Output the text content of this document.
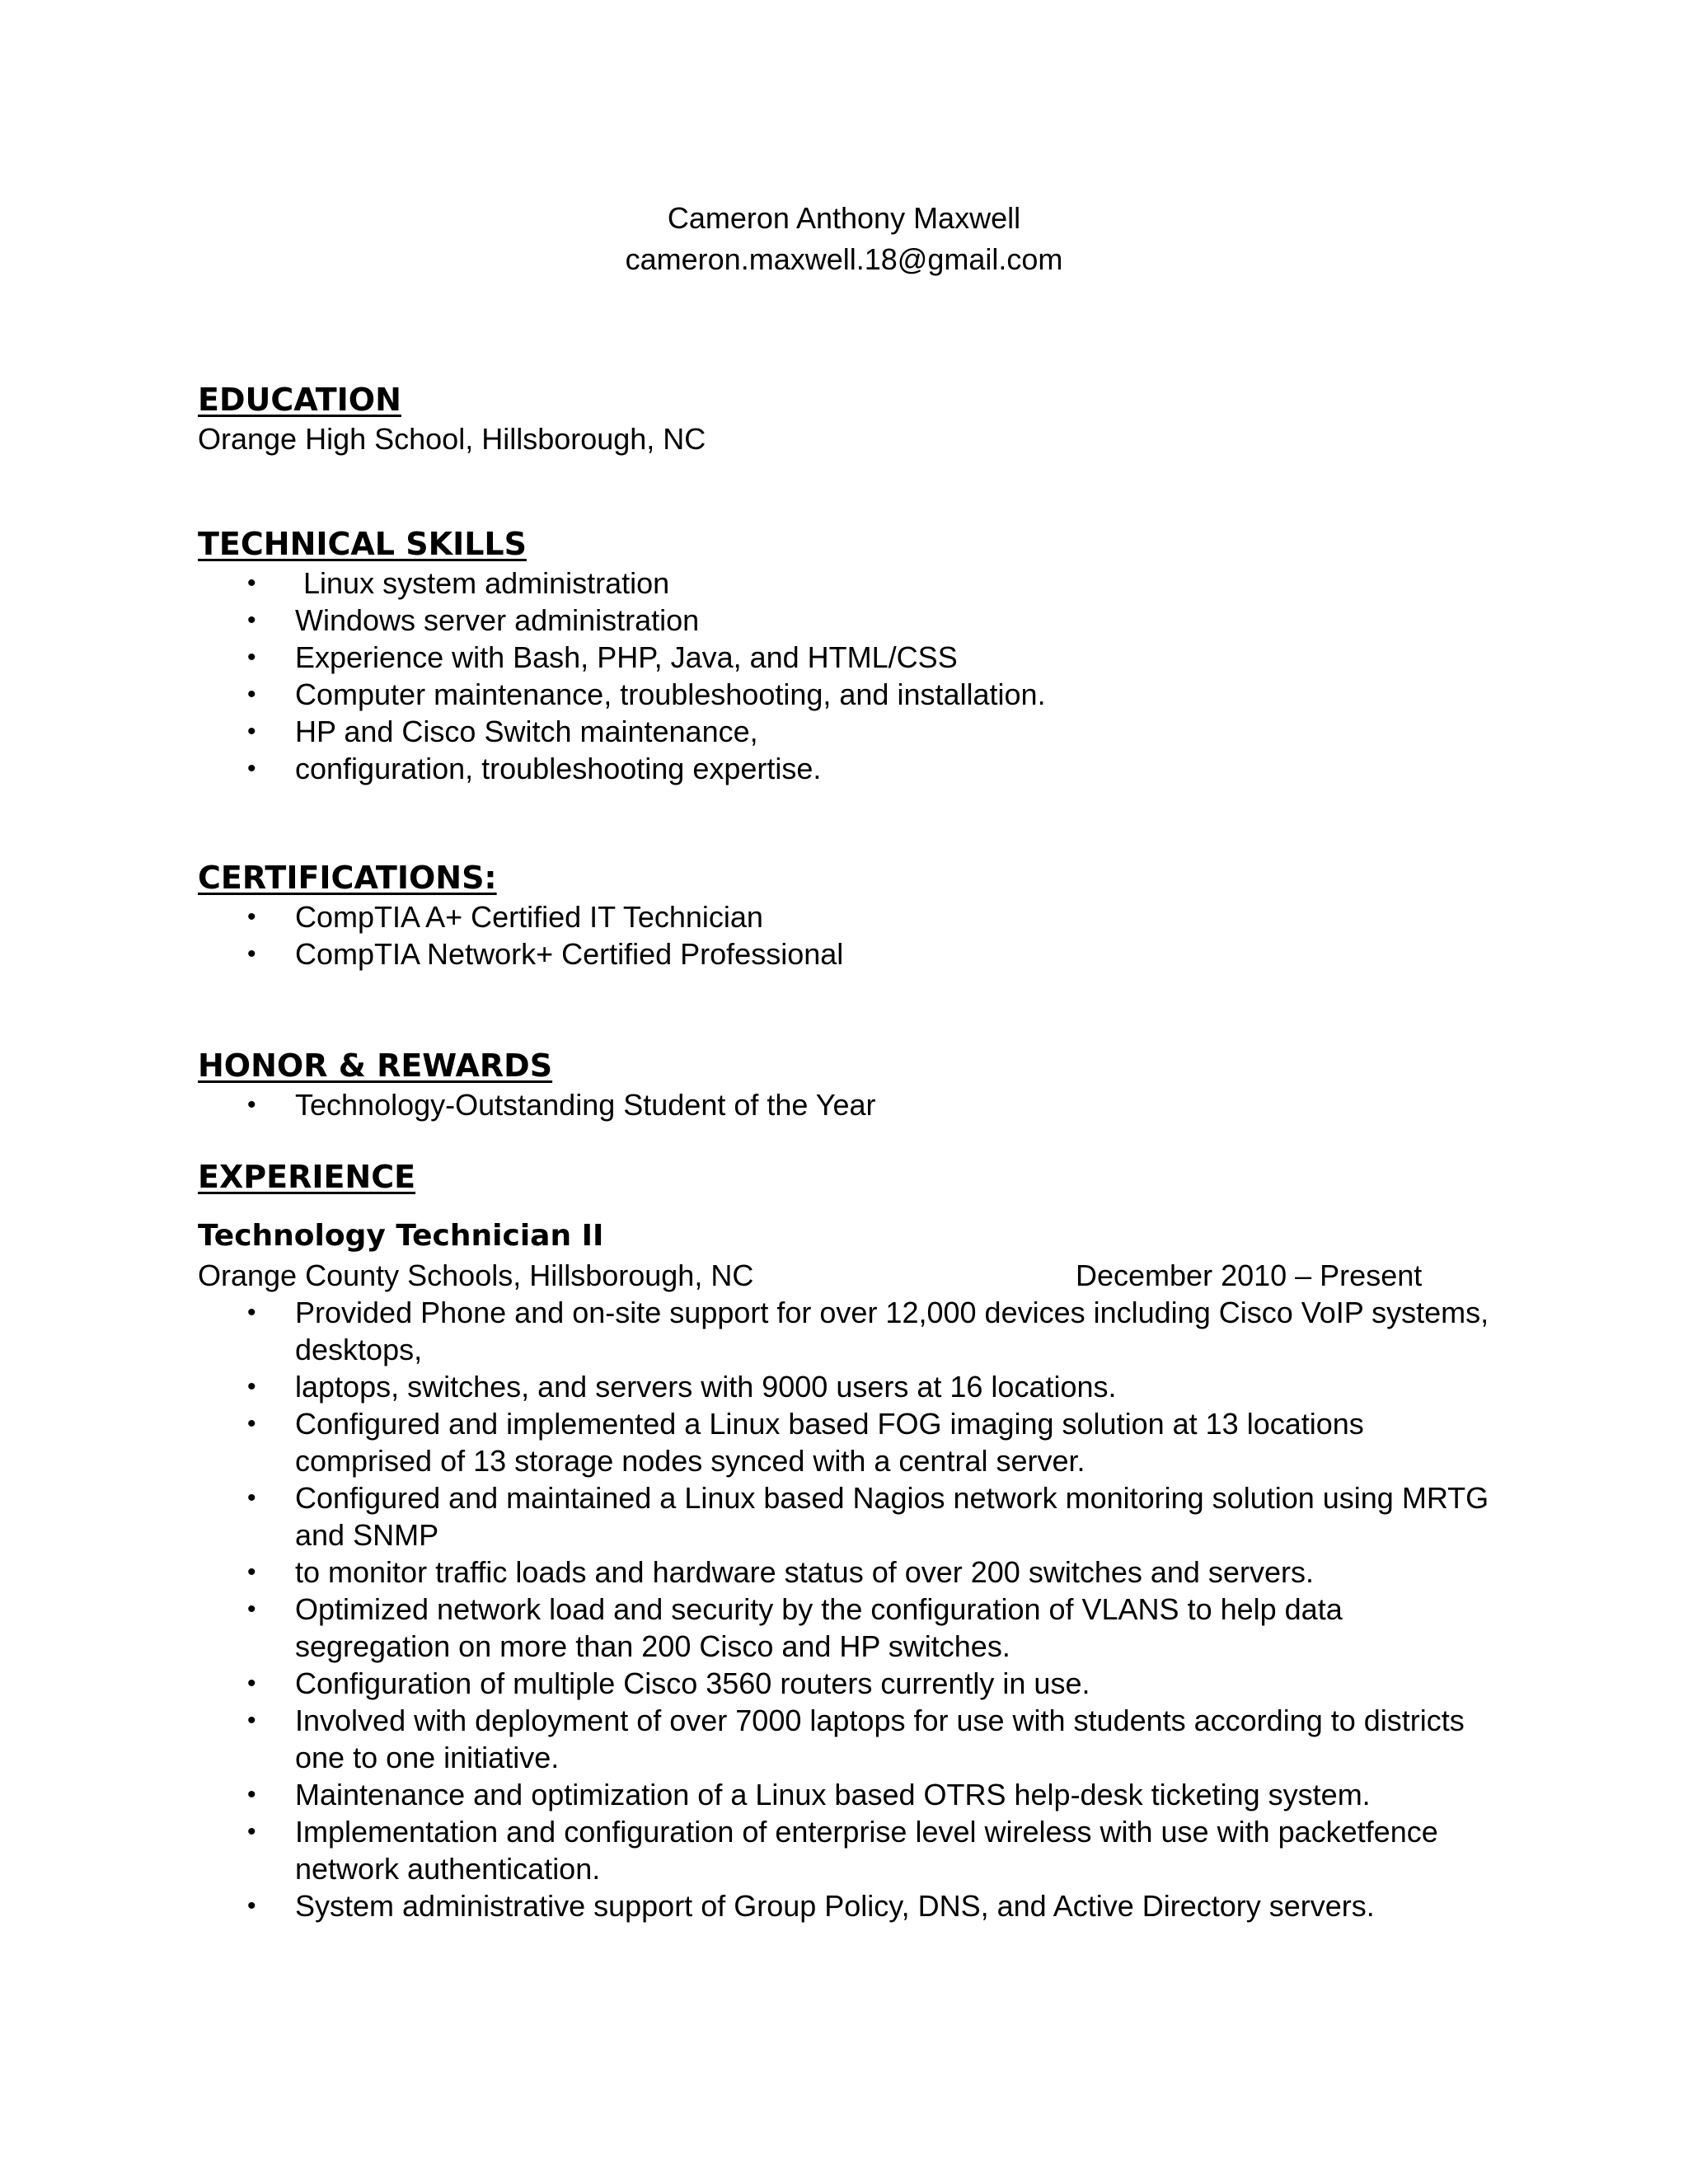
Cameron Anthony Maxwell
cameron.maxwell.18@gmail.com
EDUCATION

Orange High School, Hillsborough, NC

TECHNICAL SKILLS
• Linux system administration
• Windows server administration
• Experience with Bash, PHP, Java, and HTML/CSS
• Computer maintenance, troubleshooting, and installation.
• HP and Cisco Switch maintenance,
• configuration, troubleshooting expertise.
CERTIFICATIONS:
• CompTIA A+ Certified IT Technician
• CompTIA Network+ Certified Professional
HONOR & REWARDS
• Technology-Outstanding Student of the Year
EXPERIENCE
Technology Technician II
Orange County Schools, Hillsborough, NC	December 2010 – Present
• Provided Phone and on-site support for over 12,000 devices including Cisco VoIP systems, desktops,
• laptops, switches, and servers with 9000 users at 16 locations.
• Configured and implemented a Linux based FOG imaging solution at 13 locations comprised of 13 storage nodes synced with a central server.
• Configured and maintained a Linux based Nagios network monitoring solution using MRTG and SNMP
• to monitor traffic loads and hardware status of over 200 switches and servers.
• Optimized network load and security by the configuration of VLANS to help data segregation on more than 200 Cisco and HP switches.
• Configuration of multiple Cisco 3560 routers currently in use.
• Involved with deployment of over 7000 laptops for use with students according to districts one to one initiative.
• Maintenance and optimization of a Linux based OTRS help-desk ticketing system.
• Implementation and configuration of enterprise level wireless with use with packetfence network authentication.
• System administrative support of Group Policy, DNS, and Active Directory servers.
